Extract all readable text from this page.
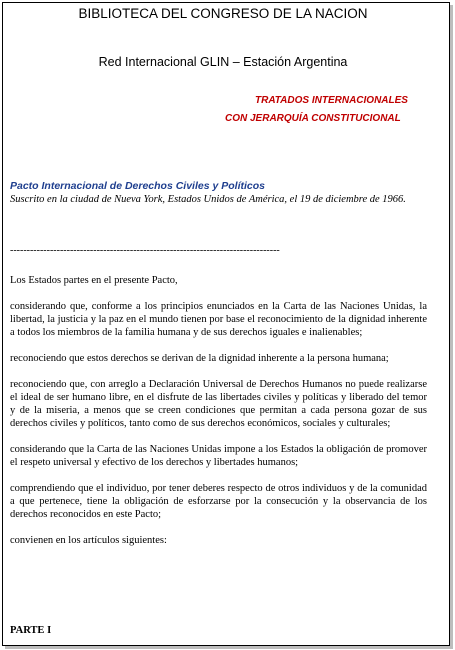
BIBLIOTECA DEL CONGRESO DE LA NACION
Red Internacional GLIN – Estación Argentina
TRATADOS INTERNACIONALES
CON JERARQUÍA CONSTITUCIONAL
Pacto Internacional de Derechos Civiles y Políticos
Suscrito en la ciudad de Nueva York, Estados Unidos de América, el 19 de diciembre de 1966.
---------------------------------------------------------------------------------

Los Estados partes en el presente Pacto,

considerando que, conforme a los principios enunciados en la Carta de las Naciones Unidas, la libertad, la justicia y la paz en el mundo tienen por base el reconocimiento de la dignidad inherente a todos los miembros de la familia humana y de sus derechos iguales e inalienables;

reconociendo que estos derechos se derivan de la dignidad inherente a la persona humana;

reconociendo que, con arreglo a Declaración Universal de Derechos Humanos no puede realizarse el ideal de ser humano libre, en el disfrute de las libertades civiles y políticas y liberado del temor y de la miseria, a menos que se creen condiciones que permitan a cada persona gozar de sus derechos civiles y políticos, tanto como de sus derechos económicos, sociales y culturales;

considerando que la Carta de las Naciones Unidas impone a los Estados la obligación de promover el respeto universal y efectivo de los derechos y libertades humanos;

comprendiendo que el individuo, por tener deberes respecto de otros individuos y de la comunidad a que pertenece, tiene la obligación de esforzarse por la consecución y la observancia de los derechos reconocidos en este Pacto;

convienen en los artículos siguientes:

PARTE I
